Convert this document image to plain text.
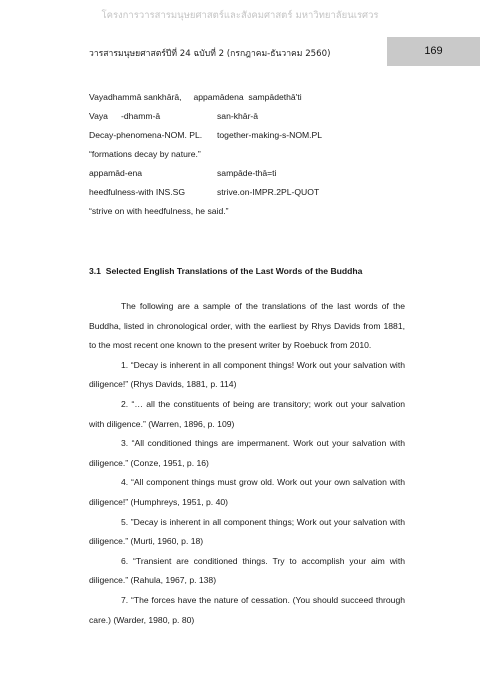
โครงการวารสารมนุษยศาสตร์และสังคมศาสตร์ มหาวิทยาลัยนเรศวร
วารสารมนุษยศาสตร์ปีที่ 24 ฉบับที่ 2 (กรกฎาคม-ธันวาคม 2560)	169
Vayadhammā sankhārā,     appamādena  sampādethā'ti
Vaya -dhamm-ā	san-khār-ā
Decay-phenomena-NOM. PL.	together-making-s-NOM.PL
“formations decay by nature.”
appamād-ena	sampāde-thā=ti
heedfulness-with INS.SG	strive.on-IMPR.2PL-QUOT
“strive on with heedfulness, he said.”
3.1  Selected English Translations of the Last Words of the Buddha
The following are a sample of the translations of the last words of the Buddha, listed in chronological order, with the earliest by Rhys Davids from 1881, to the most recent one known to the present writer by Roebuck from 2010.
1. “Decay is inherent in all component things! Work out your salvation with diligence!” (Rhys Davids, 1881, p. 114)
2. “… all the constituents of being are transitory; work out your salvation with diligence.” (Warren, 1896, p. 109)
3. “All conditioned things are impermanent. Work out your salvation with diligence.” (Conze, 1951, p. 16)
4. “All component things must grow old. Work out your own salvation with diligence!” (Humphreys, 1951, p. 40)
5. ”Decay is inherent in all component things; Work out your salvation with diligence.” (Murti, 1960, p. 18)
6. “Transient are conditioned things. Try to accomplish your aim with diligence.” (Rahula, 1967, p. 138)
7. “The forces have the nature of cessation. (You should succeed through care.) (Warder, 1980, p. 80)
